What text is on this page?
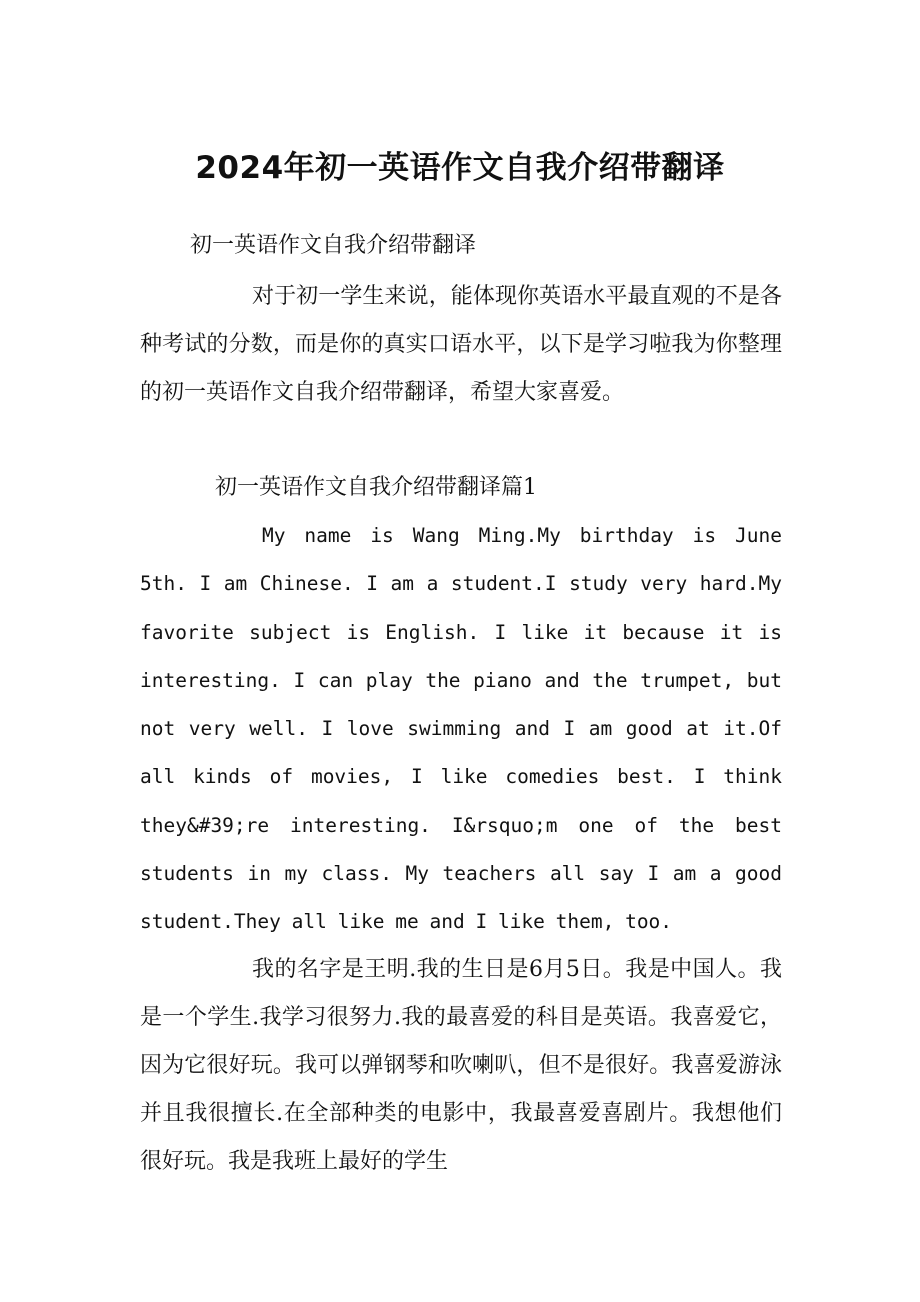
2024年初一英语作文自我介绍带翻译
初一英语作文自我介绍带翻译

对于初一学生来说，能体现你英语水平最直观的不是各种考试的分数，而是你的真实口语水平，以下是学习啦我为你整理的初一英语作文自我介绍带翻译，希望大家喜爱。

初一英语作文自我介绍带翻译篇1

My name is Wang Ming.My birthday is June 5th. I am Chinese. I am a student.I study very hard.My favorite subject is English. I like it because it is interesting. I can play the piano and the trumpet, but not very well. I love swimming and I am good at it.Of all kinds of movies, I like comedies best. I think they&#39;re interesting. I&rsquo;m one of the best students in my class. My teachers all say I am a good student.They all like me and I like them, too.

我的名字是王明.我的生日是6月5日。我是中国人。我是一个学生.我学习很努力.我的最喜爱的科目是英语。我喜爱它，因为它很好玩。我可以弹钢琴和吹喇叭，但不是很好。我喜爱游泳并且我很擅长.在全部种类的电影中，我最喜爱喜剧片。我想他们很好玩。我是我班上最好的学生
